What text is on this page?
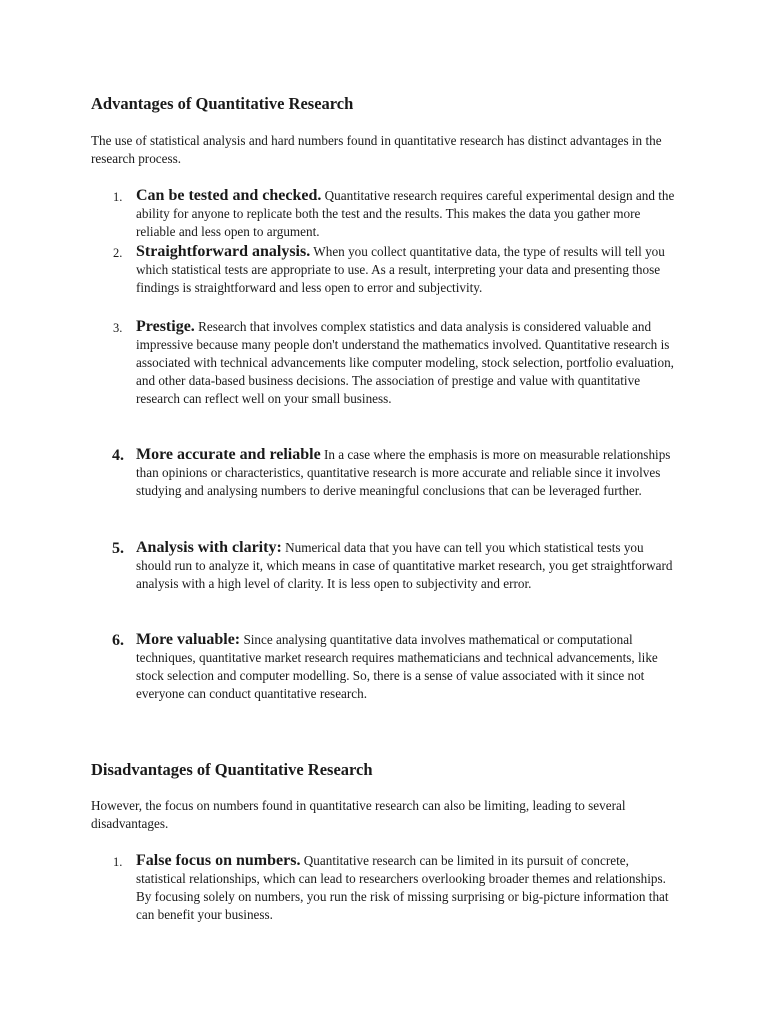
Advantages of Quantitative Research

The use of statistical analysis and hard numbers found in quantitative research has distinct advantages in the research process.

1. Can be tested and checked. Quantitative research requires careful experimental design and the ability for anyone to replicate both the test and the results. This makes the data you gather more reliable and less open to argument.

2. Straightforward analysis. When you collect quantitative data, the type of results will tell you which statistical tests are appropriate to use. As a result, interpreting your data and presenting those findings is straightforward and less open to error and subjectivity.

3. Prestige. Research that involves complex statistics and data analysis is considered valuable and impressive because many people don't understand the mathematics involved. Quantitative research is associated with technical advancements like computer modeling, stock selection, portfolio evaluation, and other data-based business decisions. The association of prestige and value with quantitative research can reflect well on your small business.

4. More accurate and reliable In a case where the emphasis is more on measurable relationships than opinions or characteristics, quantitative research is more accurate and reliable since it involves studying and analysing numbers to derive meaningful conclusions that can be leveraged further.

5. Analysis with clarity: Numerical data that you have can tell you which statistical tests you should run to analyze it, which means in case of quantitative market research, you get straightforward analysis with a high level of clarity. It is less open to subjectivity and error.

6. More valuable: Since analysing quantitative data involves mathematical or computational techniques, quantitative market research requires mathematicians and technical advancements, like stock selection and computer modelling. So, there is a sense of value associated with it since not everyone can conduct quantitative research.

Disadvantages of Quantitative Research

However, the focus on numbers found in quantitative research can also be limiting, leading to several disadvantages.

1. False focus on numbers. Quantitative research can be limited in its pursuit of concrete, statistical relationships, which can lead to researchers overlooking broader themes and relationships. By focusing solely on numbers, you run the risk of missing surprising or big-picture information that can benefit your business.
